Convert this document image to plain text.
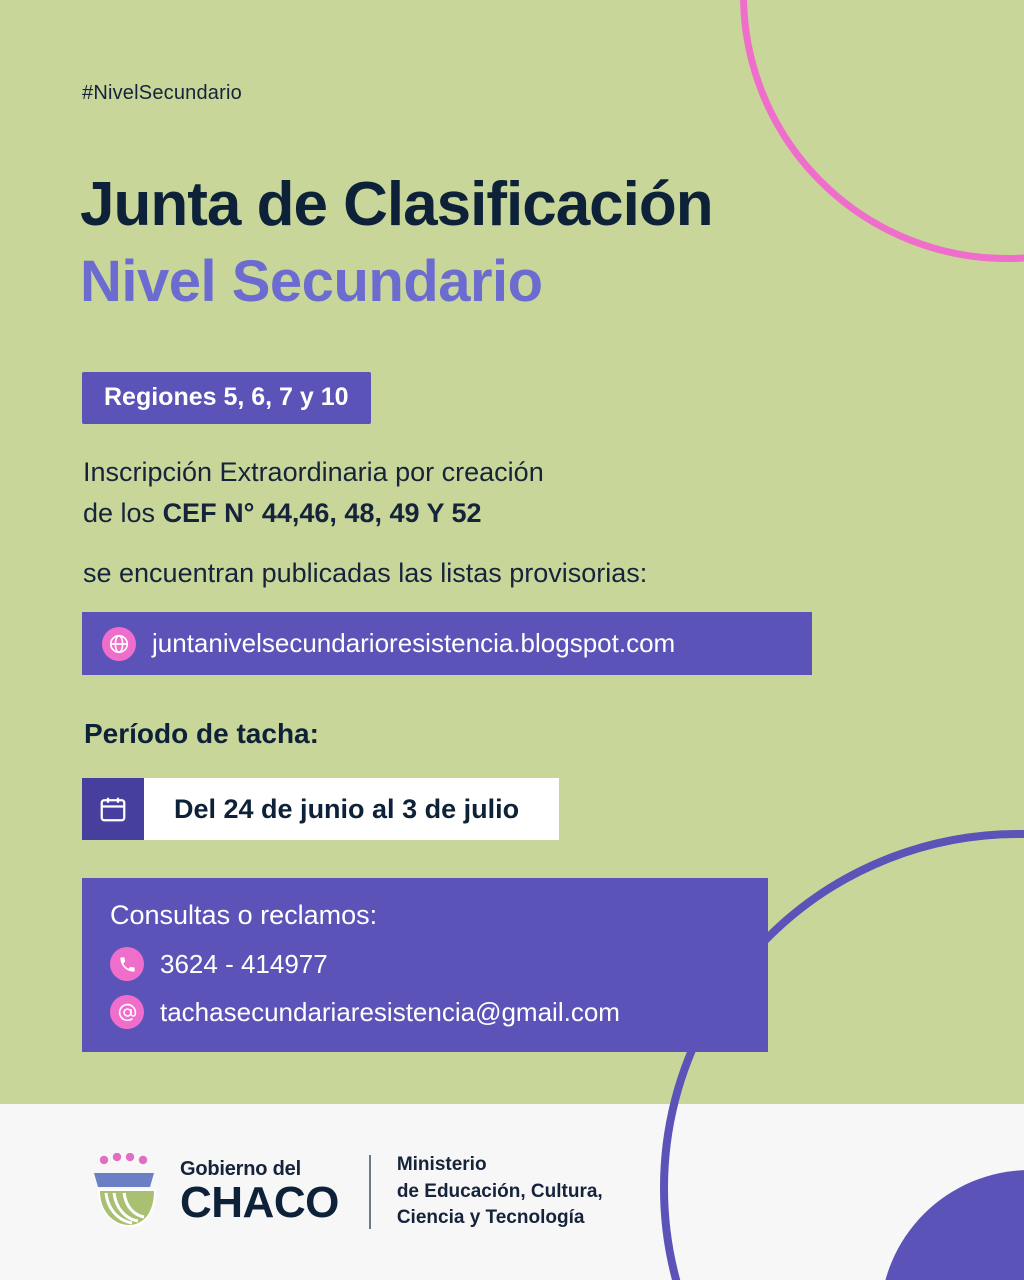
#NivelSecundario
Junta de Clasificación
Nivel Secundario
Regiones 5, 6, 7 y 10
Inscripción Extraordinaria por creación
de los CEF N° 44,46, 48, 49 Y 52
se encuentran publicadas las listas provisorias:
juntanivelsecundarioresistencia.blogspot.com
Período de tacha:
Del 24 de junio al 3 de julio
Consultas o reclamos:
3624 - 414977
tachasecundariaresistencia@gmail.com
Gobierno del
CHACO
Ministerio
de Educación, Cultura,
Ciencia y Tecnología
